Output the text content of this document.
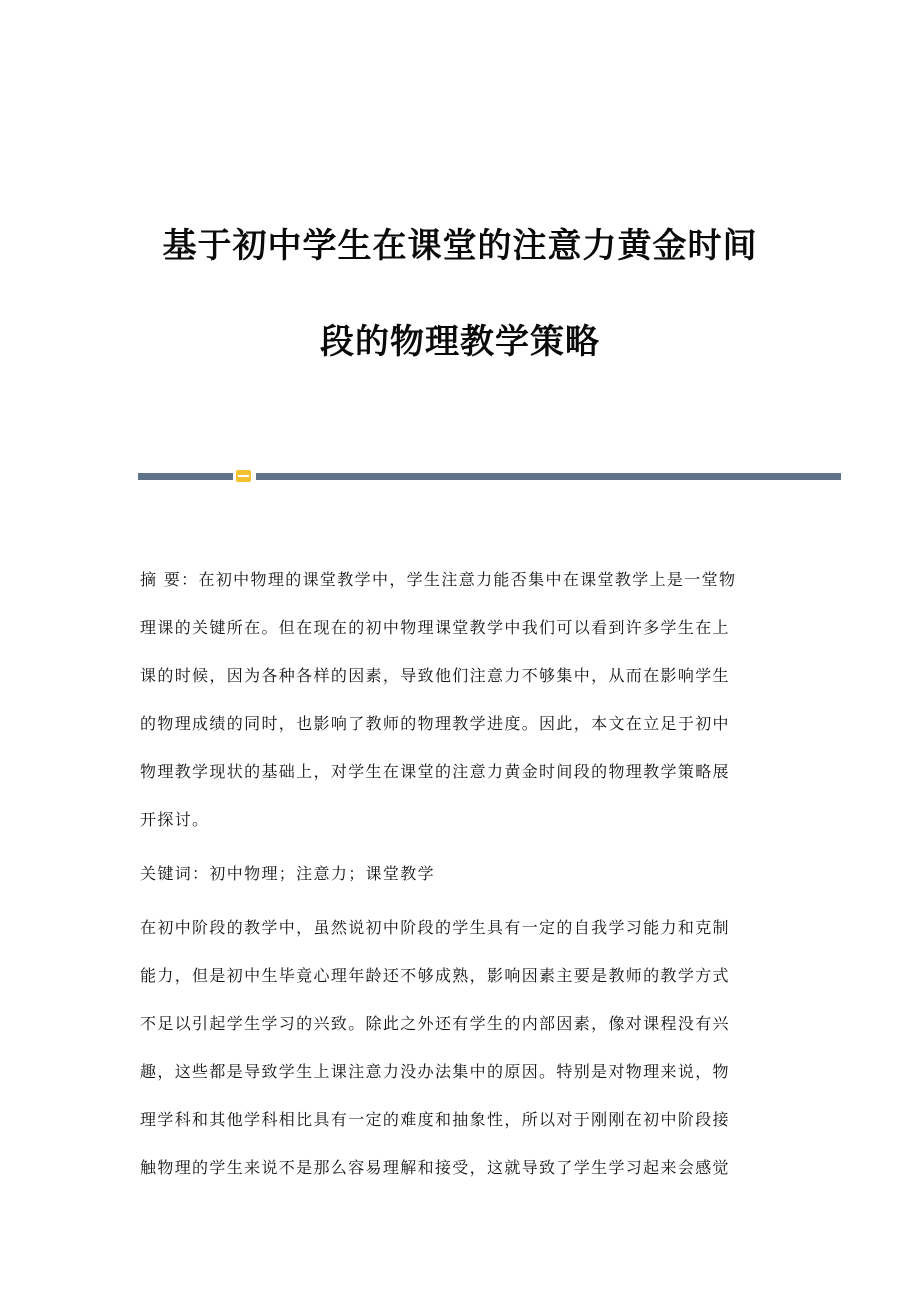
基于初中学生在课堂的注意力黄金时间
段的物理教学策略
摘 要：在初中物理的课堂教学中，学生注意力能否集中在课堂教学上是一堂物
理课的关键所在。但在现在的初中物理课堂教学中我们可以看到许多学生在上
课的时候，因为各种各样的因素，导致他们注意力不够集中，从而在影响学生
的物理成绩的同时，也影响了教师的物理教学进度。因此，本文在立足于初中
物理教学现状的基础上，对学生在课堂的注意力黄金时间段的物理教学策略展
开探讨。
关键词：初中物理；注意力；课堂教学
在初中阶段的教学中，虽然说初中阶段的学生具有一定的自我学习能力和克制
能力，但是初中生毕竟心理年龄还不够成熟，影响因素主要是教师的教学方式
不足以引起学生学习的兴致。除此之外还有学生的内部因素，像对课程没有兴
趣，这些都是导致学生上课注意力没办法集中的原因。特别是对物理来说，物
理学科和其他学科相比具有一定的难度和抽象性，所以对于刚刚在初中阶段接
触物理的学生来说不是那么容易理解和接受，这就导致了学生学习起来会感觉
